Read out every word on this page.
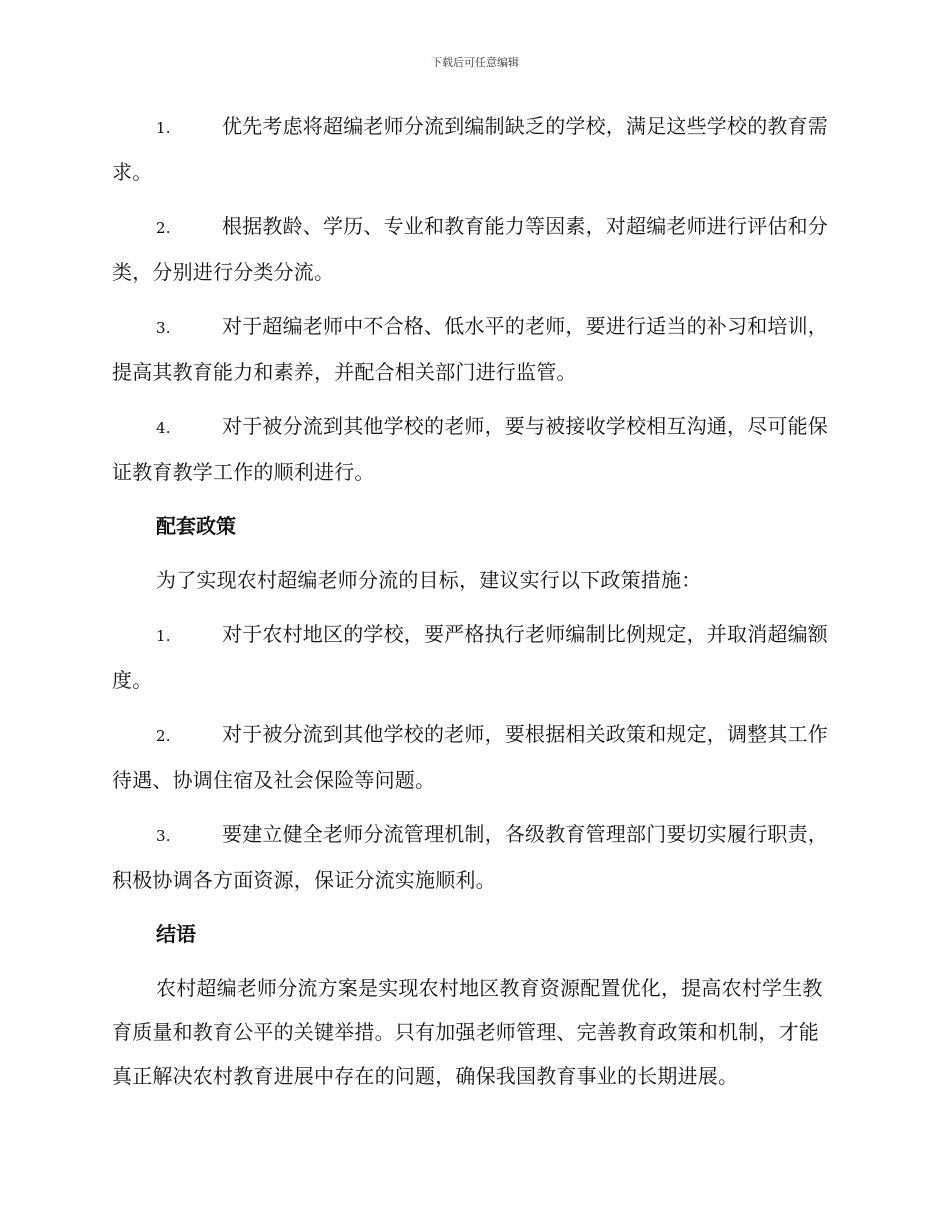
下载后可任意编辑

1.	优先考虑将超编老师分流到编制缺乏的学校，满足这些学校的教育需求。

2.	根据教龄、学历、专业和教育能力等因素，对超编老师进行评估和分类，分别进行分类分流。

3.	对于超编老师中不合格、低水平的老师，要进行适当的补习和培训，提高其教育能力和素养，并配合相关部门进行监管。

4.	对于被分流到其他学校的老师，要与被接收学校相互沟通，尽可能保证教育教学工作的顺利进行。

配套政策

为了实现农村超编老师分流的目标，建议实行以下政策措施：

1.	对于农村地区的学校，要严格执行老师编制比例规定，并取消超编额度。

2.	对于被分流到其他学校的老师，要根据相关政策和规定，调整其工作待遇、协调住宿及社会保险等问题。

3.	要建立健全老师分流管理机制，各级教育管理部门要切实履行职责，积极协调各方面资源，保证分流实施顺利。

结语

农村超编老师分流方案是实现农村地区教育资源配置优化，提高农村学生教育质量和教育公平的关键举措。只有加强老师管理、完善教育政策和机制，才能真正解决农村教育进展中存在的问题，确保我国教育事业的长期进展。
